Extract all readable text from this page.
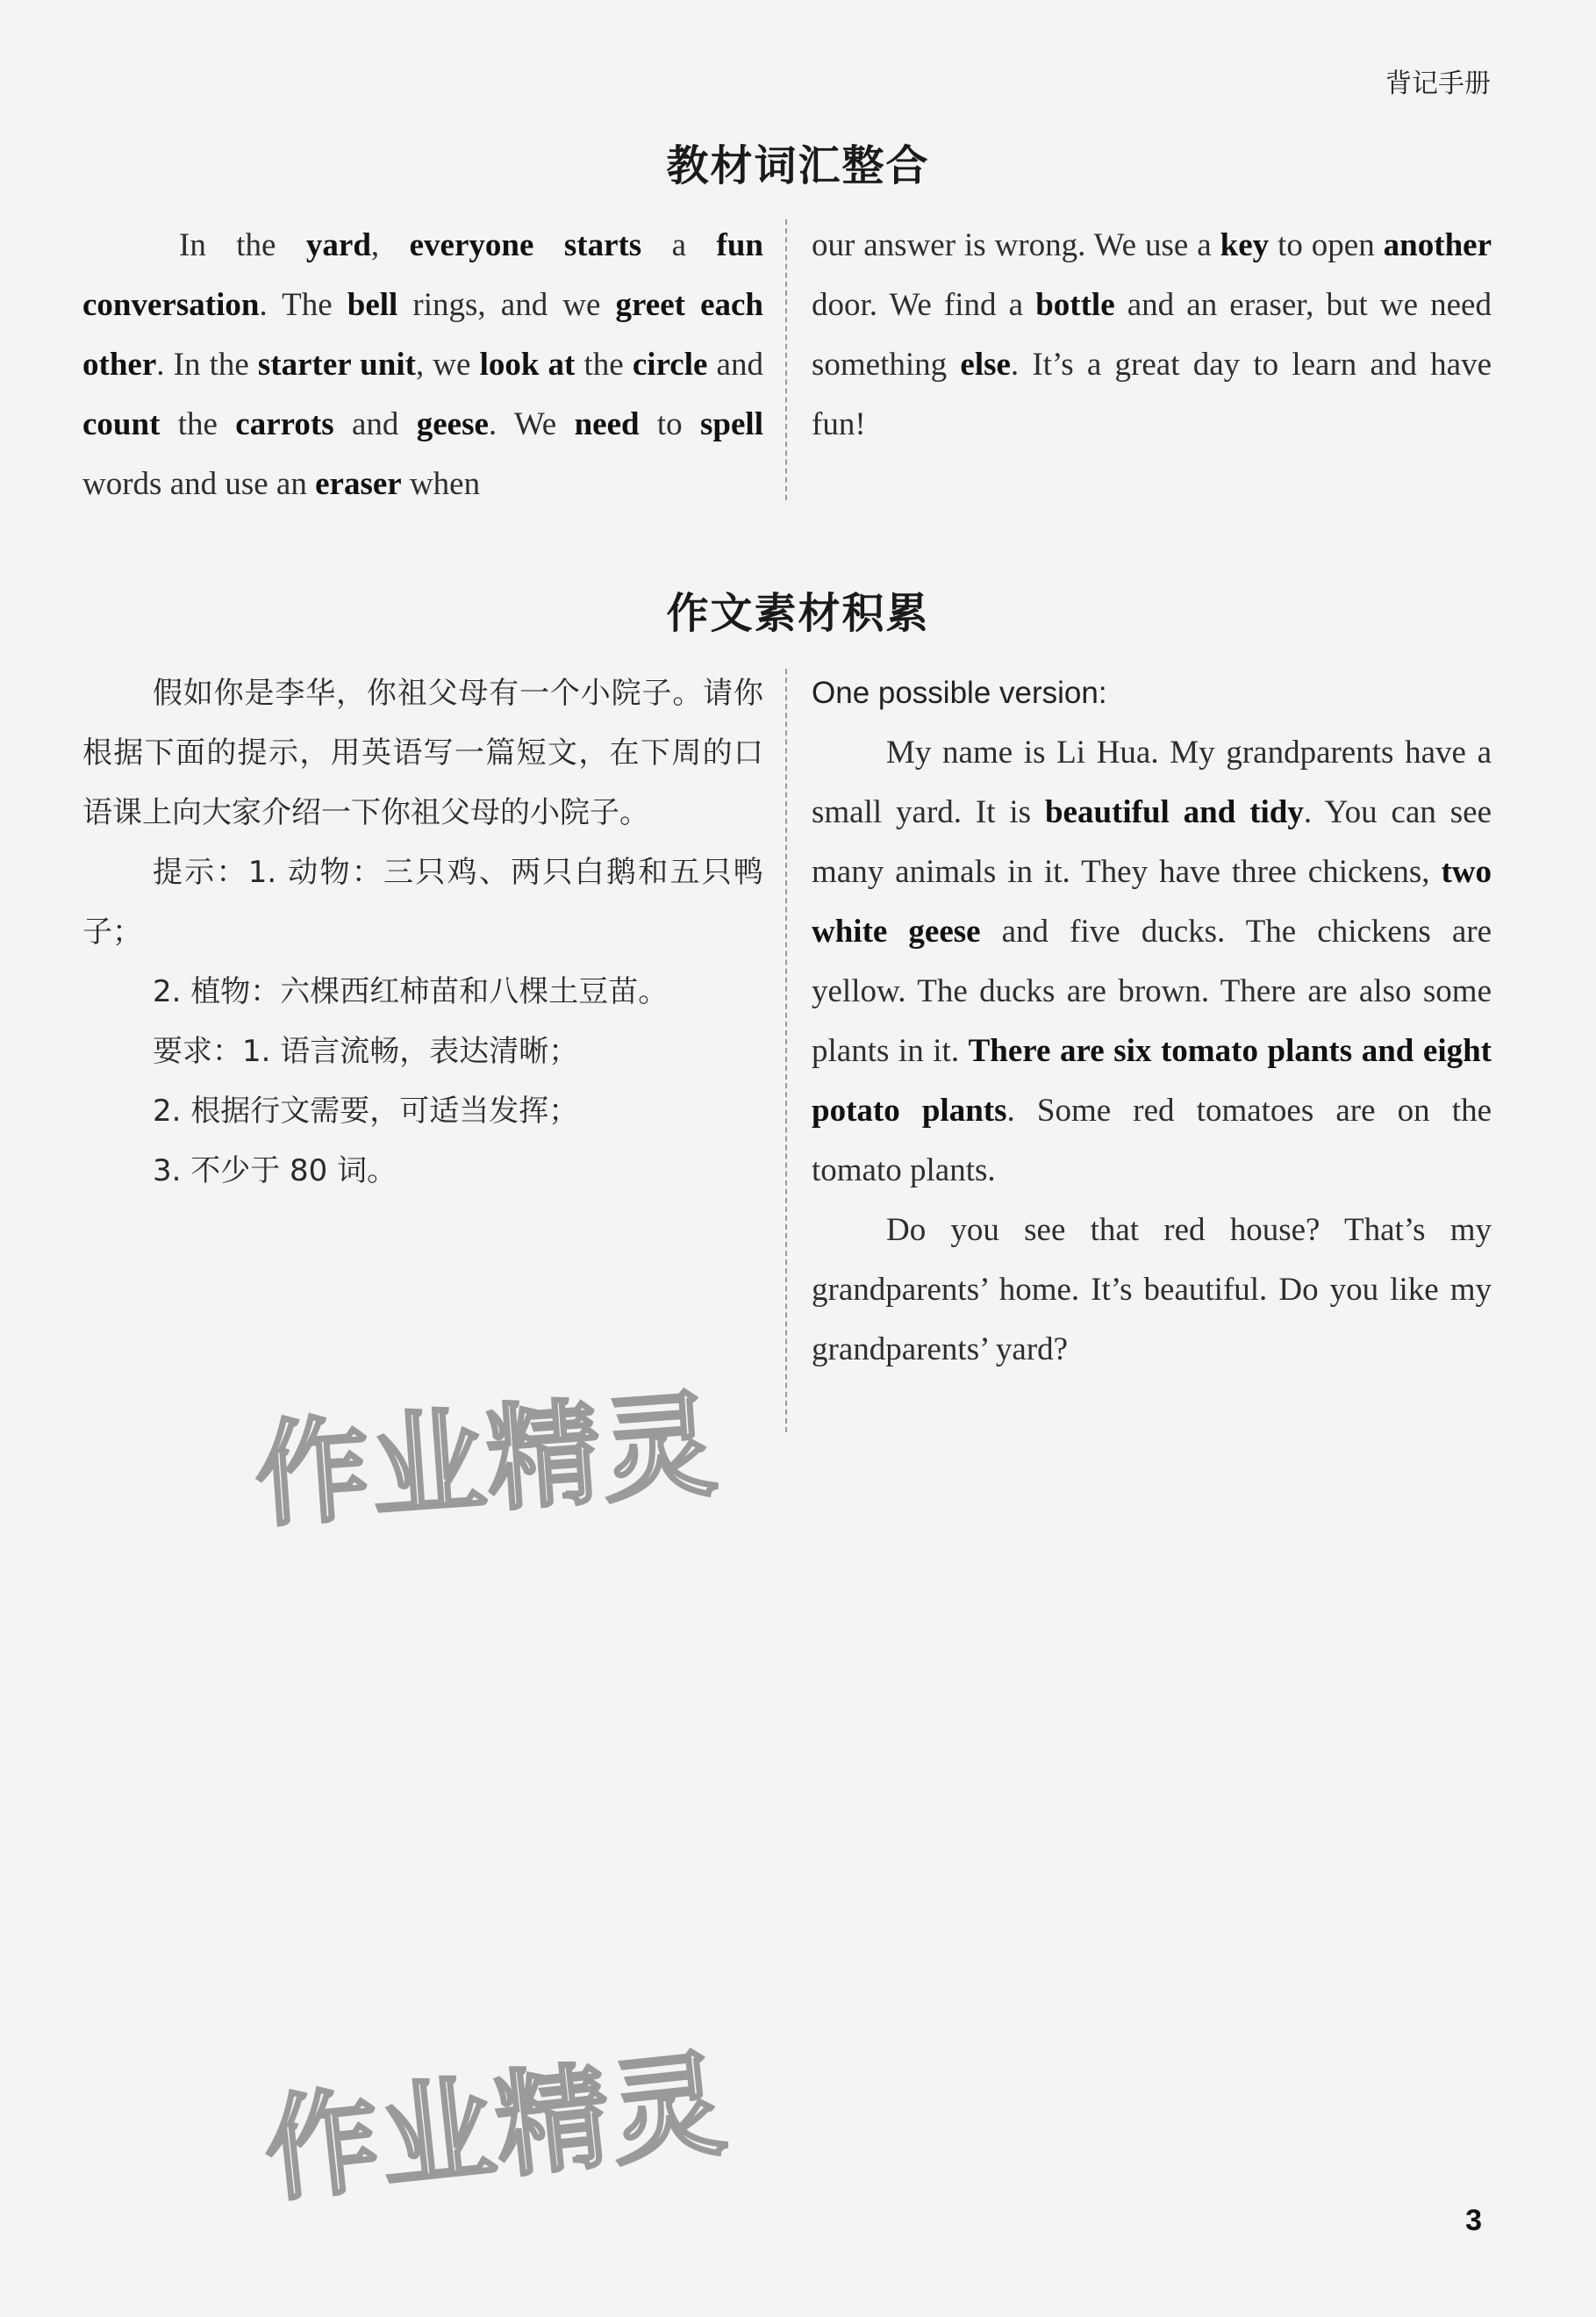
背记手册
教材词汇整合

In the yard, everyone starts a fun conversation. The bell rings, and we greet each other. In the starter unit, we look at the circle and count the carrots and geese. We need to spell words and use an eraser when

our answer is wrong. We use a key to open another door. We find a bottle and an eraser, but we need something else. It’s a great day to learn and have fun!

作文素材积累

假如你是李华，你祖父母有一个小院子。请你根据下面的提示，用英语写一篇短文，在下周的口语课上向大家介绍一下你祖父母的小院子。

提示：1. 动物：三只鸡、两只白鹅和五只鸭子；

2. 植物：六棵西红柿苗和八棵土豆苗。

要求：1. 语言流畅，表达清晰；

2. 根据行文需要，可适当发挥；

3. 不少于 80 词。

One possible version:

My name is Li Hua. My grandparents have a small yard. It is beautiful and tidy. You can see many animals in it. They have three chickens, two white geese and five ducks. The chickens are yellow. The ducks are brown. There are also some plants in it. There are six tomato plants and eight potato plants. Some red tomatoes are on the tomato plants.

Do you see that red house? That’s my grandparents’ home. It’s beautiful. Do you like my grandparents’ yard?

作业精灵
作业精灵
3
